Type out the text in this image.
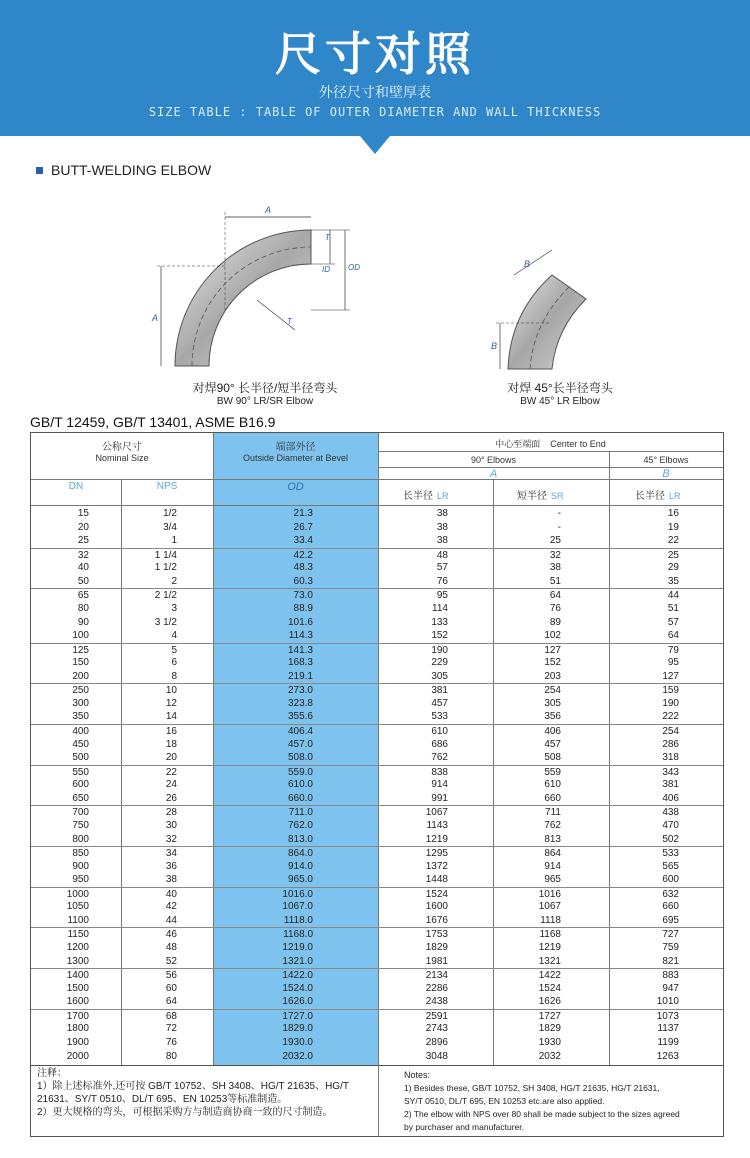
尺寸对照
外径尺寸和壁厚表
SIZE TABLE : TABLE OF OUTER DIAMETER AND WALL THICKNESS
BUTT-WELDING ELBOW
A
A
T
ID OD
T
对焊90° 长半径/短半径弯头
BW 90° LR/SR Elbow
B
B
对焊 45°长半径弯头
BW 45° LR Elbow
GB/T 12459, GB/T 13401, ASME B16.9
公称尺寸
Nominal Size
端部外径
Outside Diameter at Bevel
中心至端面 Center to End
90° Elbows	45° Elbows
A	B
DN	NPS	OD
长半径 LR	短半径 SR	长半径 LR
15	1/2	21.3	38	-	16
20	3/4	26.7	38	-	19
25	1	33.4	38	25	22
32	1 1/4	42.2	48	32	25
40	1 1/2	48.3	57	38	29
50	2	60.3	76	51	35
65	2 1/2	73.0	95	64	44
80	3	88.9	114	76	51
90	3 1/2	101.6	133	89	57
100	4	114.3	152	102	64
125	5	141.3	190	127	79
150	6	168.3	229	152	95
200	8	219.1	305	203	127
250	10	273.0	381	254	159
300	12	323.8	457	305	190
350	14	355.6	533	356	222
400	16	406.4	610	406	254
450	18	457.0	686	457	286
500	20	508.0	762	508	318
550	22	559.0	838	559	343
600	24	610.0	914	610	381
650	26	660.0	991	660	406
700	28	711.0	1067	711	438
750	30	762.0	1143	762	470
800	32	813.0	1219	813	502
850	34	864.0	1295	864	533
900	36	914.0	1372	914	565
950	38	965.0	1448	965	600
1000	40	1016.0	1524	1016	632
1050	42	1067.0	1600	1067	660
1100	44	1118.0	1676	1118	695
1150	46	1168.0	1753	1168	727
1200	48	1219.0	1829	1219	759
1300	52	1321.0	1981	1321	821
1400	56	1422.0	2134	1422	883
1500	60	1524.0	2286	1524	947
1600	64	1626.0	2438	1626	1010
1700	68	1727.0	2591	1727	1073
1800	72	1829.0	2743	1829	1137
1900	76	1930.0	2896	1930	1199
2000	80	2032.0	3048	2032	1263
注释：
1）除上述标准外,还可按 GB/T 10752、SH 3408、HG/T 21635、HG/T
21631、SY/T 0510、DL/T 695、EN 10253等标准制造。
2）更大规格的弯头，可根据采购方与制造商协商一致的尺寸制造。
Notes:
1) Besides these, GB/T 10752, SH 3408, HG/T 21635, HG/T 21631,
SY/T 0510, DL/T 695, EN 10253 etc.are also applied.
2) The elbow with NPS over 80 shall be made subject to the sizes agreed
by purchaser and manufacturer.
